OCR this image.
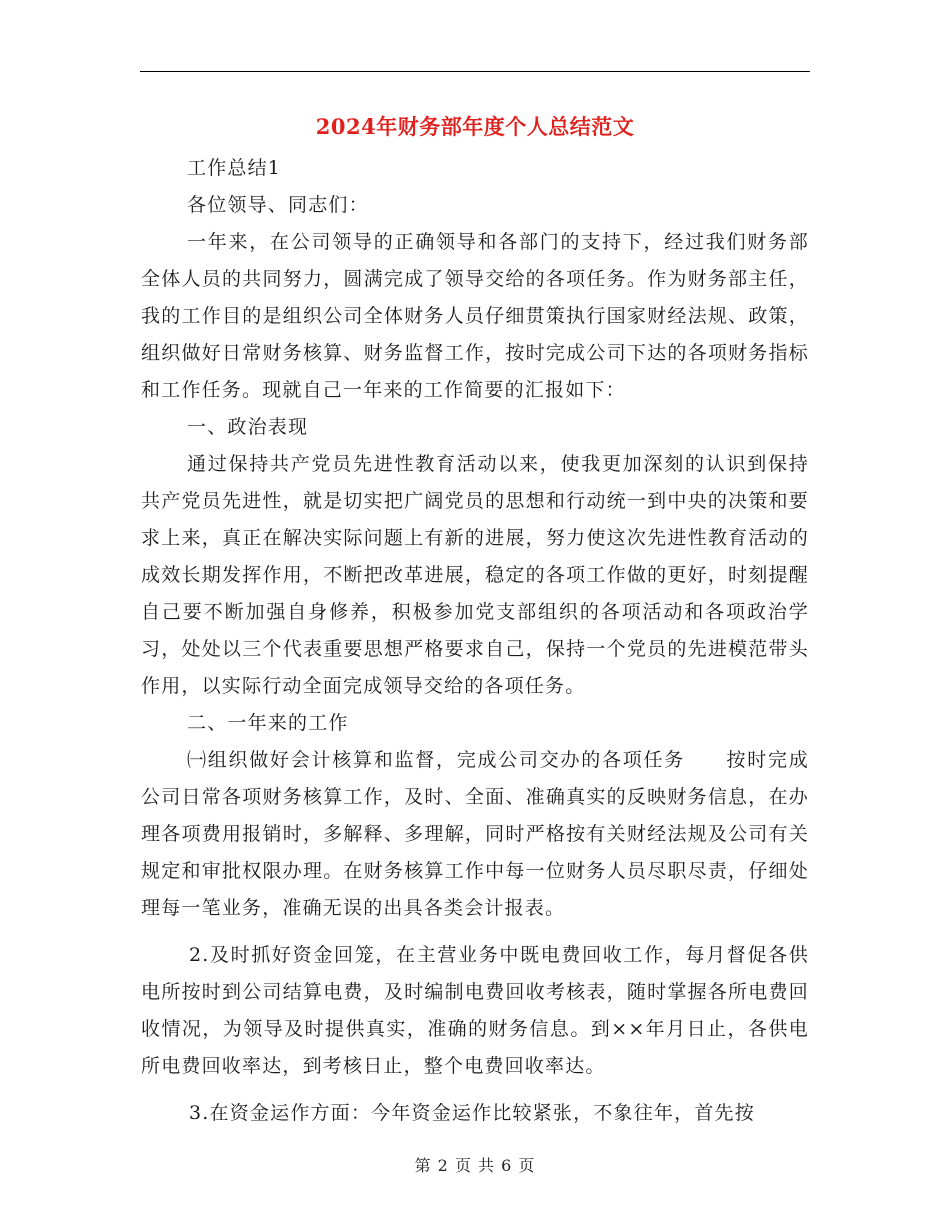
2024年财务部年度个人总结范文

工作总结1

各位领导、同志们：

一年来，在公司领导的正确领导和各部门的支持下，经过我们财务部全体人员的共同努力，圆满完成了领导交给的各项任务。作为财务部主任，我的工作目的是组织公司全体财务人员仔细贯策执行国家财经法规、政策，组织做好日常财务核算、财务监督工作，按时完成公司下达的各项财务指标和工作任务。现就自己一年来的工作简要的汇报如下：

一、政治表现

通过保持共产党员先进性教育活动以来，使我更加深刻的认识到保持共产党员先进性，就是切实把广阔党员的思想和行动统一到中央的决策和要求上来，真正在解决实际问题上有新的进展，努力使这次先进性教育活动的成效长期发挥作用，不断把改革进展，稳定的各项工作做的更好，时刻提醒自己要不断加强自身修养，积极参加党支部组织的各项活动和各项政治学习，处处以三个代表重要思想严格要求自己，保持一个党员的先进模范带头作用，以实际行动全面完成领导交给的各项任务。

二、一年来的工作

㈠组织做好会计核算和监督，完成公司交办的各项任务　　按时完成公司日常各项财务核算工作，及时、全面、准确真实的反映财务信息，在办理各项费用报销时，多解释、多理解，同时严格按有关财经法规及公司有关规定和审批权限办理。在财务核算工作中每一位财务人员尽职尽责，仔细处理每一笔业务，准确无误的出具各类会计报表。

2.及时抓好资金回笼，在主营业务中既电费回收工作，每月督促各供电所按时到公司结算电费，及时编制电费回收考核表，随时掌握各所电费回收情况，为领导及时提供真实，准确的财务信息。到××年月日止，各供电所电费回收率达，到考核日止，整个电费回收率达。

3.在资金运作方面：今年资金运作比较紧张，不象往年，首先按

第 2 页 共 6 页
